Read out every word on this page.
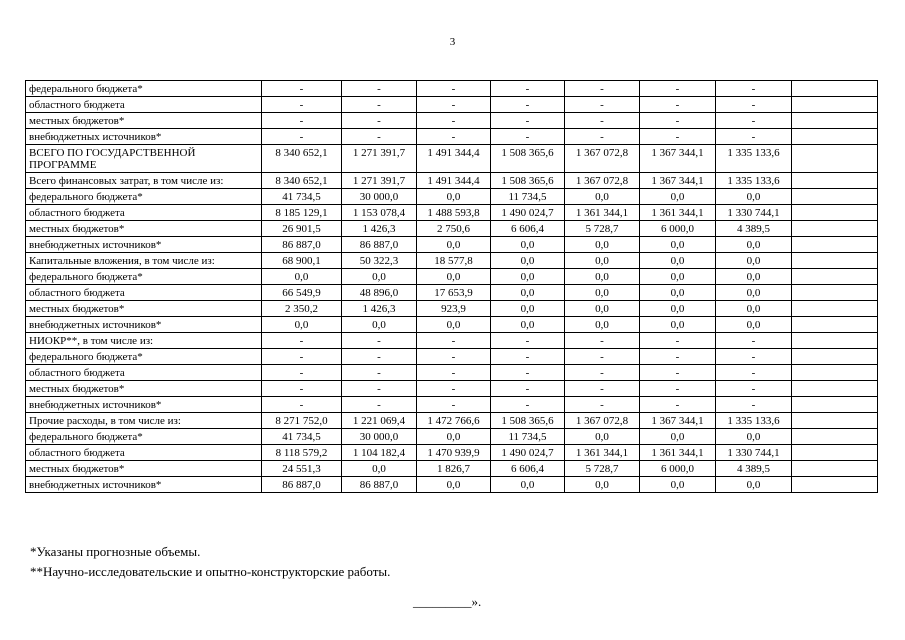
3
федерального бюджета*	-	-	-	-	-	-	-	
областного бюджета	-	-	-	-	-	-	-	
местных бюджетов*	-	-	-	-	-	-	-	
внебюджетных источников*	-	-	-	-	-	-	-	
ВСЕГО ПО ГОСУДАРСТВЕННОЙ ПРОГРАММЕ	8 340 652,1	1 271 391,7	1 491 344,4	1 508 365,6	1 367 072,8	1 367 344,1	1 335 133,6	
Всего финансовых затрат, в том числе из:	8 340 652,1	1 271 391,7	1 491 344,4	1 508 365,6	1 367 072,8	1 367 344,1	1 335 133,6	
федерального бюджета*	41 734,5	30 000,0	0,0	11 734,5	0,0	0,0	0,0	
областного бюджета	8 185 129,1	1 153 078,4	1 488 593,8	1 490 024,7	1 361 344,1	1 361 344,1	1 330 744,1	
местных бюджетов*	26 901,5	1 426,3	2 750,6	6 606,4	5 728,7	6 000,0	4 389,5	
внебюджетных источников*	86 887,0	86 887,0	0,0	0,0	0,0	0,0	0,0	
Капитальные вложения, в том числе из:	68 900,1	50 322,3	18 577,8	0,0	0,0	0,0	0,0	
федерального бюджета*	0,0	0,0	0,0	0,0	0,0	0,0	0,0	
областного бюджета	66 549,9	48 896,0	17 653,9	0,0	0,0	0,0	0,0	
местных бюджетов*	2 350,2	1 426,3	923,9	0,0	0,0	0,0	0,0	
внебюджетных источников*	0,0	0,0	0,0	0,0	0,0	0,0	0,0	
НИОКР**, в том числе из:	-	-	-	-	-	-	-	
федерального бюджета*	-	-	-	-	-	-	-	
областного бюджета	-	-	-	-	-	-	-	
местных бюджетов*	-	-	-	-	-	-	-	
внебюджетных источников*	-	-	-	-	-	-	-	
Прочие расходы, в том числе из:	8 271 752,0	1 221 069,4	1 472 766,6	1 508 365,6	1 367 072,8	1 367 344,1	1 335 133,6	
федерального бюджета*	41 734,5	30 000,0	0,0	11 734,5	0,0	0,0	0,0	
областного бюджета	8 118 579,2	1 104 182,4	1 470 939,9	1 490 024,7	1 361 344,1	1 361 344,1	1 330 744,1	
местных бюджетов*	24 551,3	0,0	1 826,7	6 606,4	5 728,7	6 000,0	4 389,5	
внебюджетных источников*	86 887,0	86 887,0	0,0	0,0	0,0	0,0	0,0	
*Указаны прогнозные объемы.
**Научно-исследовательские и опытно-конструкторские работы.
_________».
